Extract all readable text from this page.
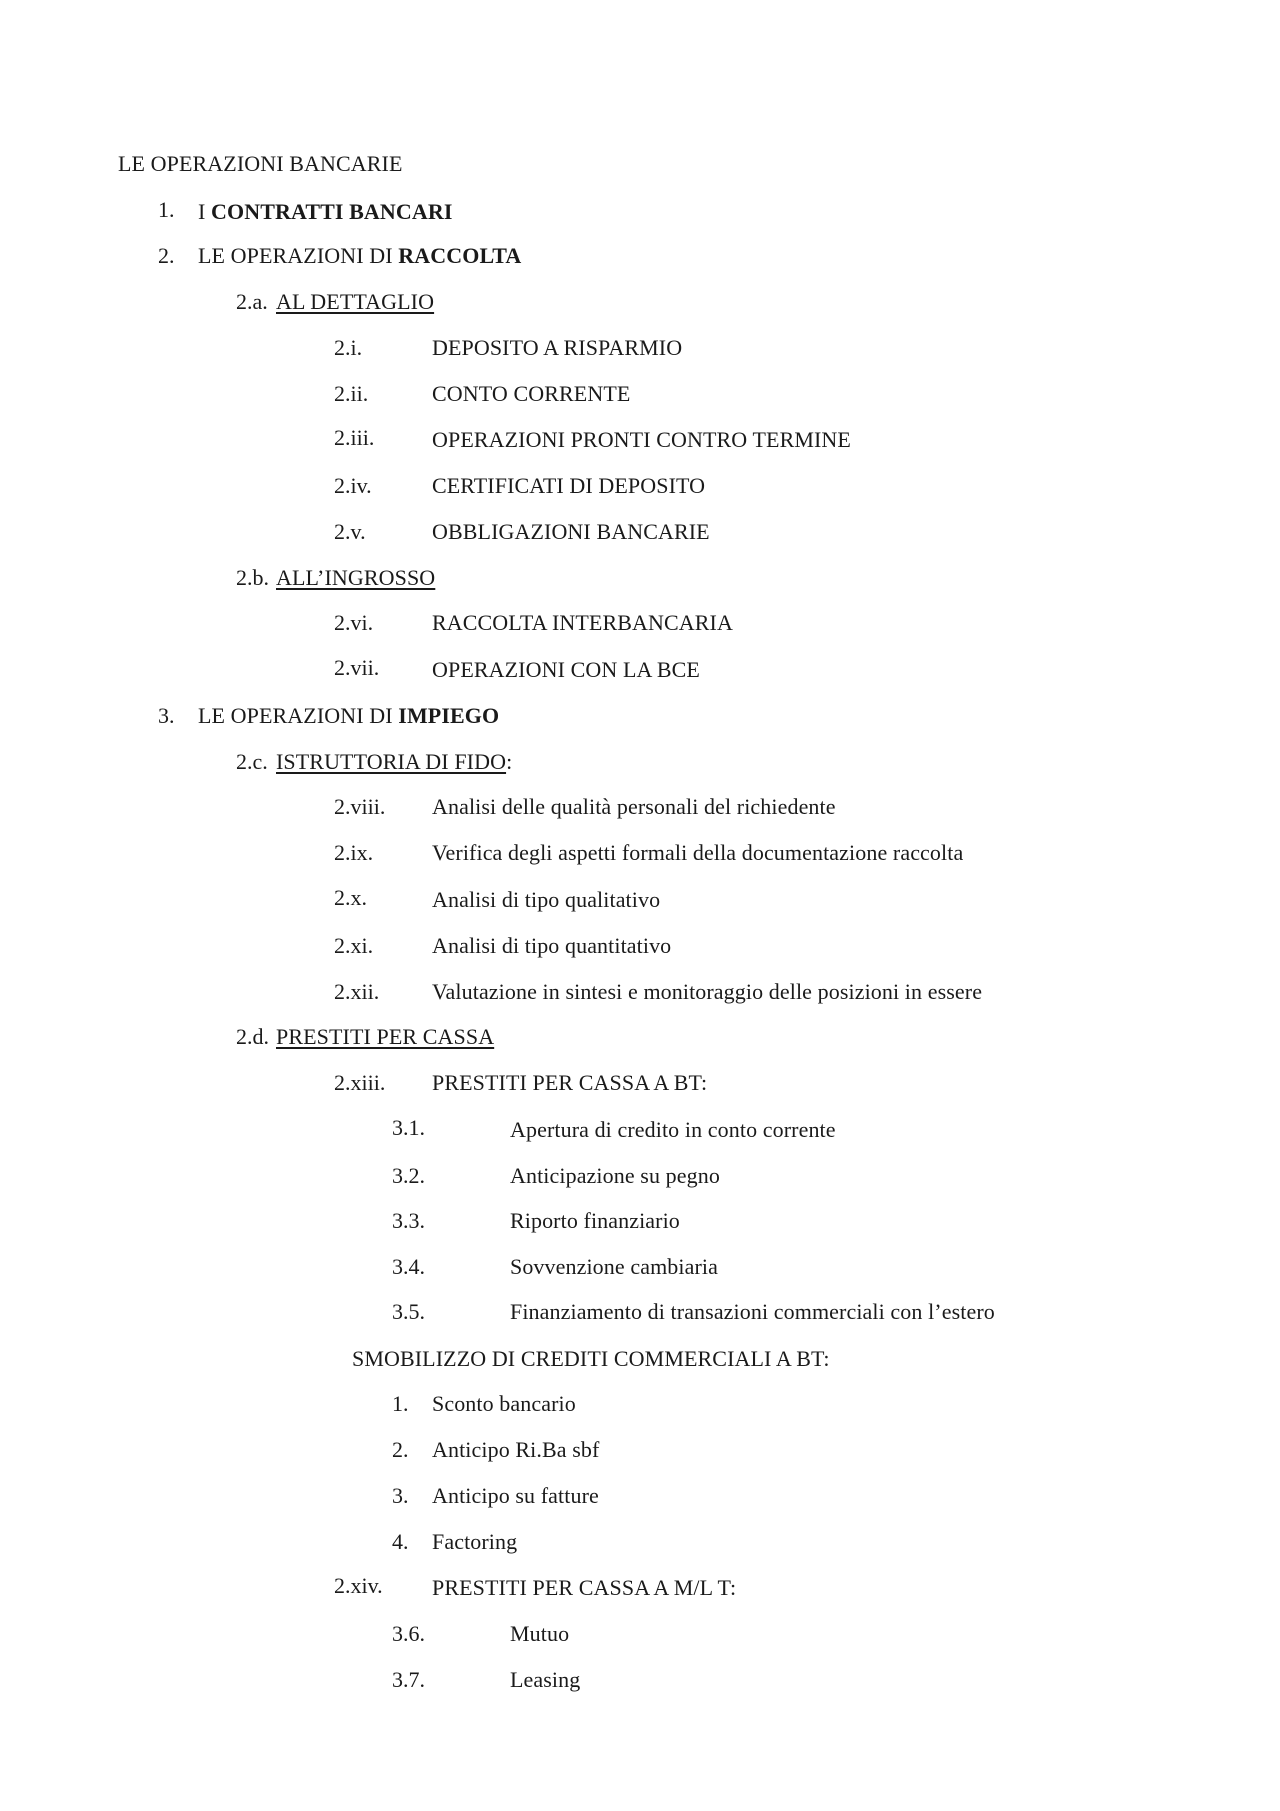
LE OPERAZIONI BANCARIE
1. I CONTRATTI BANCARI
2. LE OPERAZIONI DI RACCOLTA
2.a. AL DETTAGLIO
2.i.	DEPOSITO A RISPARMIO
2.ii.	CONTO CORRENTE
2.iii.	OPERAZIONI PRONTI CONTRO TERMINE
2.iv.	CERTIFICATI DI DEPOSITO
2.v.	OBBLIGAZIONI BANCARIE
2.b. ALL’INGROSSO
2.vi.	RACCOLTA INTERBANCARIA
2.vii. OPERAZIONI CON LA BCE
3. LE OPERAZIONI DI IMPIEGO
2.c. ISTRUTTORIA DI FIDO:
2.viii. Analisi delle qualità personali del richiedente
2.ix.	Verifica degli aspetti formali della documentazione raccolta
2.x.	Analisi di tipo qualitativo
2.xi.	Analisi di tipo quantitativo
2.xii. Valutazione in sintesi e monitoraggio delle posizioni in essere
2.d. PRESTITI PER CASSA
2.xiii. PRESTITI PER CASSA A BT:
3.1.	Apertura di credito in conto corrente
3.2.	Anticipazione su pegno
3.3.	Riporto finanziario
3.4.	Sovvenzione cambiaria
3.5.	Finanziamento di transazioni commerciali con l’estero
SMOBILIZZO DI CREDITI COMMERCIALI A BT:
1. Sconto bancario
2. Anticipo Ri.Ba sbf
3. Anticipo su fatture
4. Factoring
2.xiv. PRESTITI PER CASSA A M/L T:
3.6.	Mutuo
3.7.	Leasing
